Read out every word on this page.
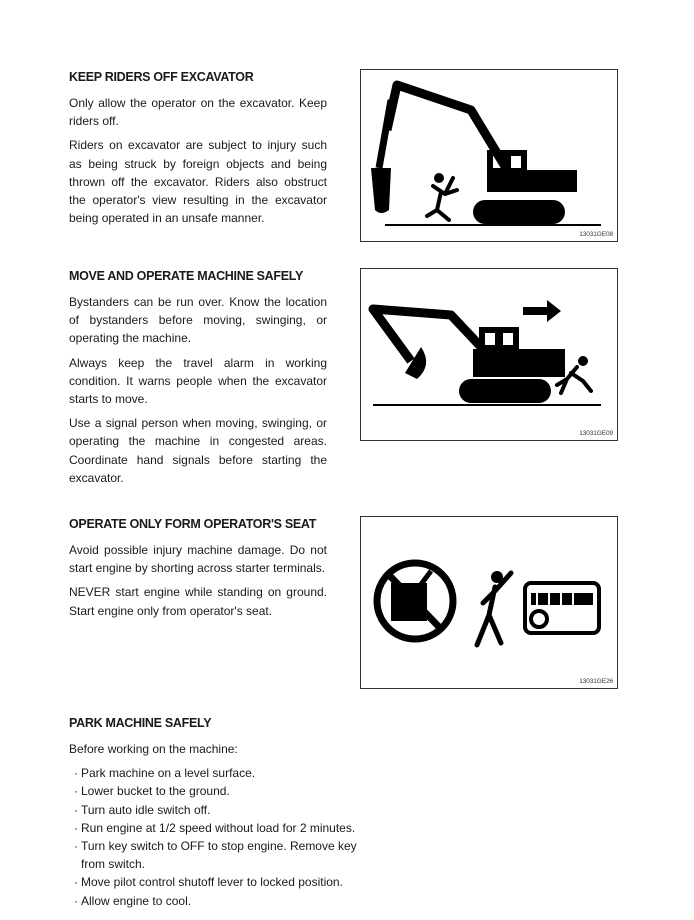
KEEP RIDERS OFF EXCAVATOR

Only allow the operator on the excavator. Keep riders off.

Riders on excavator are subject to injury such as being struck by foreign objects and being thrown off the excavator. Riders also obstruct the operator's view resulting in the excavator being operated in an unsafe manner.

13031GE08
MOVE AND OPERATE MACHINE SAFELY

Bystanders can be run over. Know the location of bystanders before moving, swinging, or operating the machine.

Always keep the travel alarm in working condition. It warns people when the excavator starts to move.

Use a signal person when moving, swinging, or operating the machine in congested areas. Coordinate hand signals before starting the excavator.

13031GE09
OPERATE ONLY FORM OPERATOR'S SEAT

Avoid possible injury machine damage. Do not start engine by shorting across starter terminals.

NEVER start engine while standing on ground. Start engine only from operator's seat.

13031GE26
PARK MACHINE SAFELY

Before working on the machine:

· Park machine on a level surface.
· Lower bucket to the ground.
· Turn auto idle switch off.
· Run engine at 1/2 speed without load for 2 minutes.
· Turn key switch to OFF to stop engine. Remove key from switch.
· Move pilot control shutoff lever to locked position.
· Allow engine to cool.
